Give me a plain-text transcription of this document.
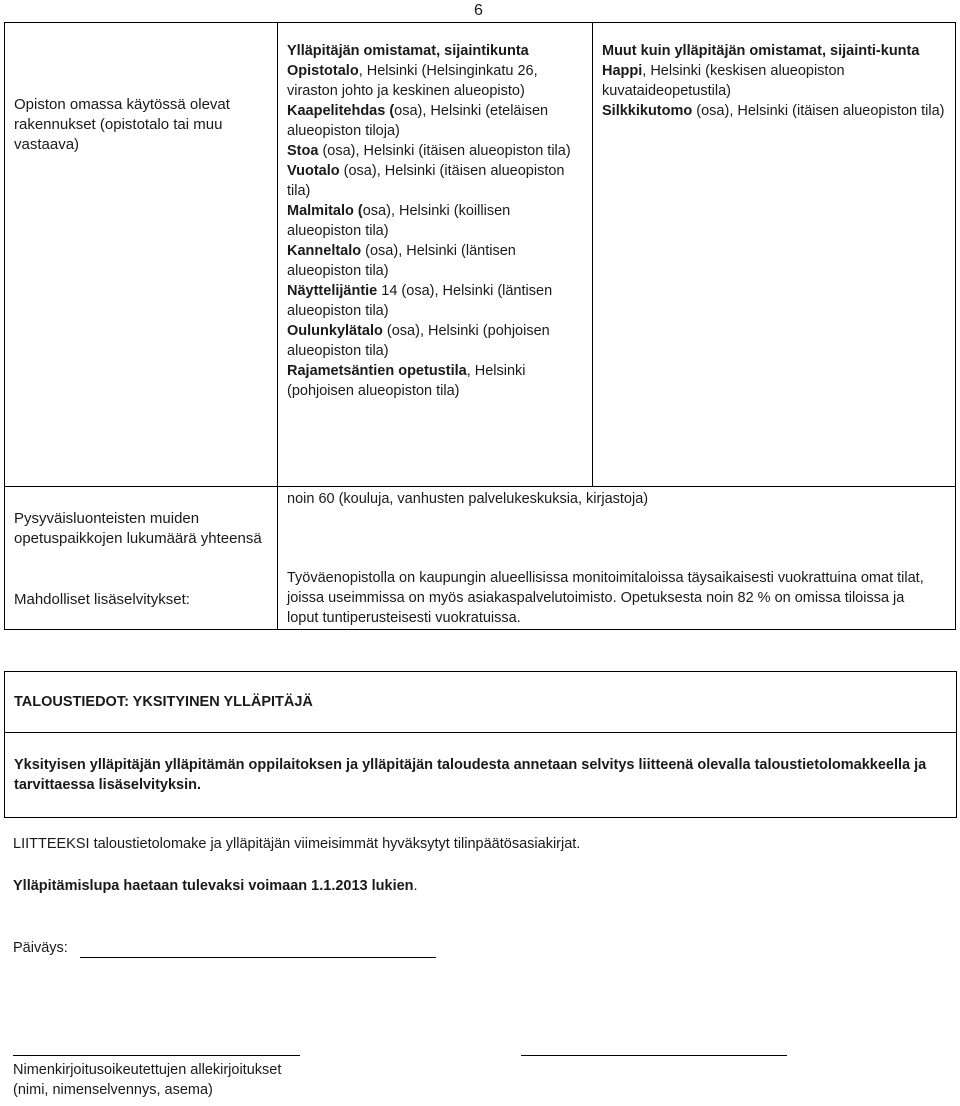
6
Opiston omassa käytössä olevat rakennukset (opistotalo tai muu vastaava)
Ylläpitäjän omistamat, sijaintikunta
Opistotalo, Helsinki (Helsinginkatu 26, viraston johto ja keskinen alueopisto)
Kaapelitehdas (osa), Helsinki (eteläisen alueopiston tiloja)
Stoa (osa), Helsinki (itäisen alueopiston tila)
Vuotalo (osa), Helsinki (itäisen alueopiston tila)
Malmitalo (osa), Helsinki (koillisen alueopiston tila)
Kanneltalo (osa), Helsinki (läntisen alueopiston tila)
Näyttelijäntie 14 (osa), Helsinki (läntisen alueopiston tila)
Oulunkylätalo (osa), Helsinki (pohjoisen alueopiston tila)
Rajametsäntien opetustila, Helsinki (pohjoisen alueopiston tila)
Muut kuin ylläpitäjän omistamat, sijainti-kunta
Happi, Helsinki (keskisen alueopiston kuvataideopetustila)
Silkkikutomo (osa), Helsinki (itäisen alueopiston tila)
Pysyväisluonteisten muiden opetuspaikkojen lukumäärä yhteensä
noin 60 (kouluja, vanhusten palvelukeskuksia, kirjastoja)
Mahdolliset lisäselvitykset:
Työväenopistolla on kaupungin alueellisissa monitoimitaloissa täysaikaisesti vuokrattuina omat tilat, joissa useimmissa on myös asiakaspalvelutoimisto. Opetuksesta noin 82 % on omissa tiloissa ja loput tuntiperusteisesti vuokratuissa.
TALOUSTIEDOT: YKSITYINEN YLLÄPITÄJÄ
Yksityisen ylläpitäjän ylläpitämän oppilaitoksen ja ylläpitäjän taloudesta annetaan selvitys liitteenä olevalla taloustietolomakkeella ja tarvittaessa lisäselvityksin.
LIITTEEKSI taloustietolomake ja ylläpitäjän viimeisimmät hyväksytyt tilinpäätösasiakirjat.
Ylläpitämislupa haetaan tulevaksi voimaan 1.1.2013 lukien.
Päiväys:
Nimenkirjoitusoikeutettujen allekirjoitukset
(nimi, nimenselvennys, asema)
